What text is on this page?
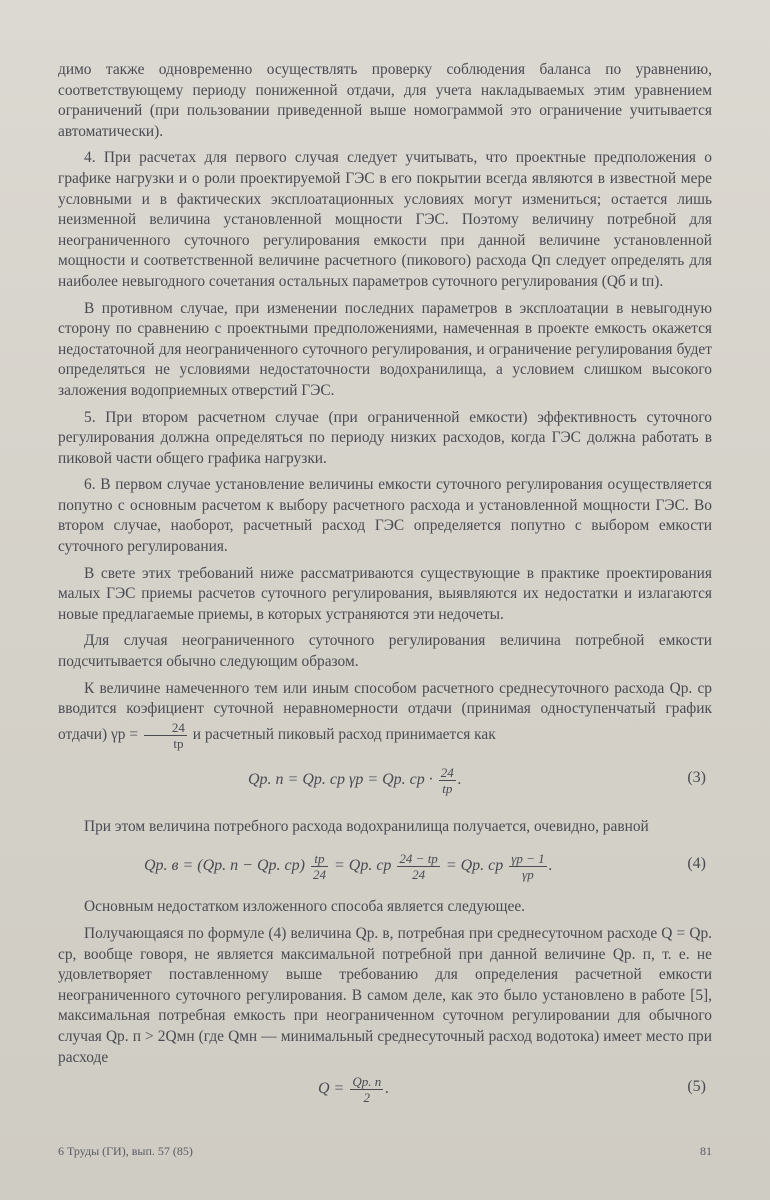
димо также одновременно осуществлять проверку соблюдения баланса по уравнению, соответствующему периоду пониженной отдачи, для учета накладываемых этим уравнением ограничений (при пользовании приведенной выше номограммой это ограничение учитывается автоматически).

4. При расчетах для первого случая следует учитывать, что проектные предположения о графике нагрузки и о роли проектируемой ГЭС в его покрытии всегда являются в известной мере условными и в фактических эксплоатационных условиях могут измениться; остается лишь неизменной величина установленной мощности ГЭС. Поэтому величину потребной для неограниченного суточного регулирования емкости при данной величине установленной мощности и соответственной величине расчетного (пикового) расхода Qп следует определять для наиболее невыгодного сочетания остальных параметров суточного регулирования (Qб и tп).

В противном случае, при изменении последних параметров в эксплоатации в невыгодную сторону по сравнению с проектными предположениями, намеченная в проекте емкость окажется недостаточной для неограниченного суточного регулирования, и ограничение регулирования будет определяться не условиями недостаточности водохранилища, а условием слишком высокого заложения водоприемных отверстий ГЭС.

5. При втором расчетном случае (при ограниченной емкости) эффективность суточного регулирования должна определяться по периоду низких расходов, когда ГЭС должна работать в пиковой части общего графика нагрузки.

6. В первом случае установление величины емкости суточного регулирования осуществляется попутно с основным расчетом к выбору расчетного расхода и установленной мощности ГЭС. Во втором случае, наоборот, расчетный расход ГЭС определяется попутно с выбором емкости суточного регулирования.

В свете этих требований ниже рассматриваются существующие в практике проектирования малых ГЭС приемы расчетов суточного регулирования, выявляются их недостатки и излагаются новые предлагаемые приемы, в которых устраняются эти недочеты.

Для случая неограниченного суточного регулирования величина потребной емкости подсчитывается обычно следующим образом.

К величине намеченного тем или иным способом расчетного среднесуточного расхода Qр. ср вводится коэфициент суточной неравномерности отдачи (принимая одноступенчатый график отдачи) $\gamma р = \frac{24}{tр}$ и расчетный пиковый расход принимается как

Qр. п = Qр. ср γр = Qр. ср · $\frac{24}{tр}$ .	(3)

При этом величина потребного расхода водохранилища получается, очевидно, равной

Qр. в = (Qр. п − Qр. $ср) \frac{tр}{24}$ = Qр. ср $\frac{24 - tр}{24}$ = Qр. ср $\frac{\gamma р - 1}{\gamma р}$ .	(4)

Основным недостатком изложенного способа является следующее.

Получающаяся по формуле (4) величина Qр. в, потребная при среднесуточном расходе Q = Qр. ср, вообще говоря, не является максимальной потребной при данной величине Qр. п, т. е. не удовлетворяет поставленному выше требованию для определения расчетной емкости неограниченного суточного регулирования. В самом деле, как это было установлено в работе [5], максимальная потребная емкость при неограниченном суточном регулировании для обычного случая Qр. п > 2Qмн (где Qмн — минимальный среднесуточный расход водотока) имеет место при расходе

$Q = \frac{Qр. п}{2}$ .	(5)
6 Труды (ГИ), вып. 57 (85)	81
